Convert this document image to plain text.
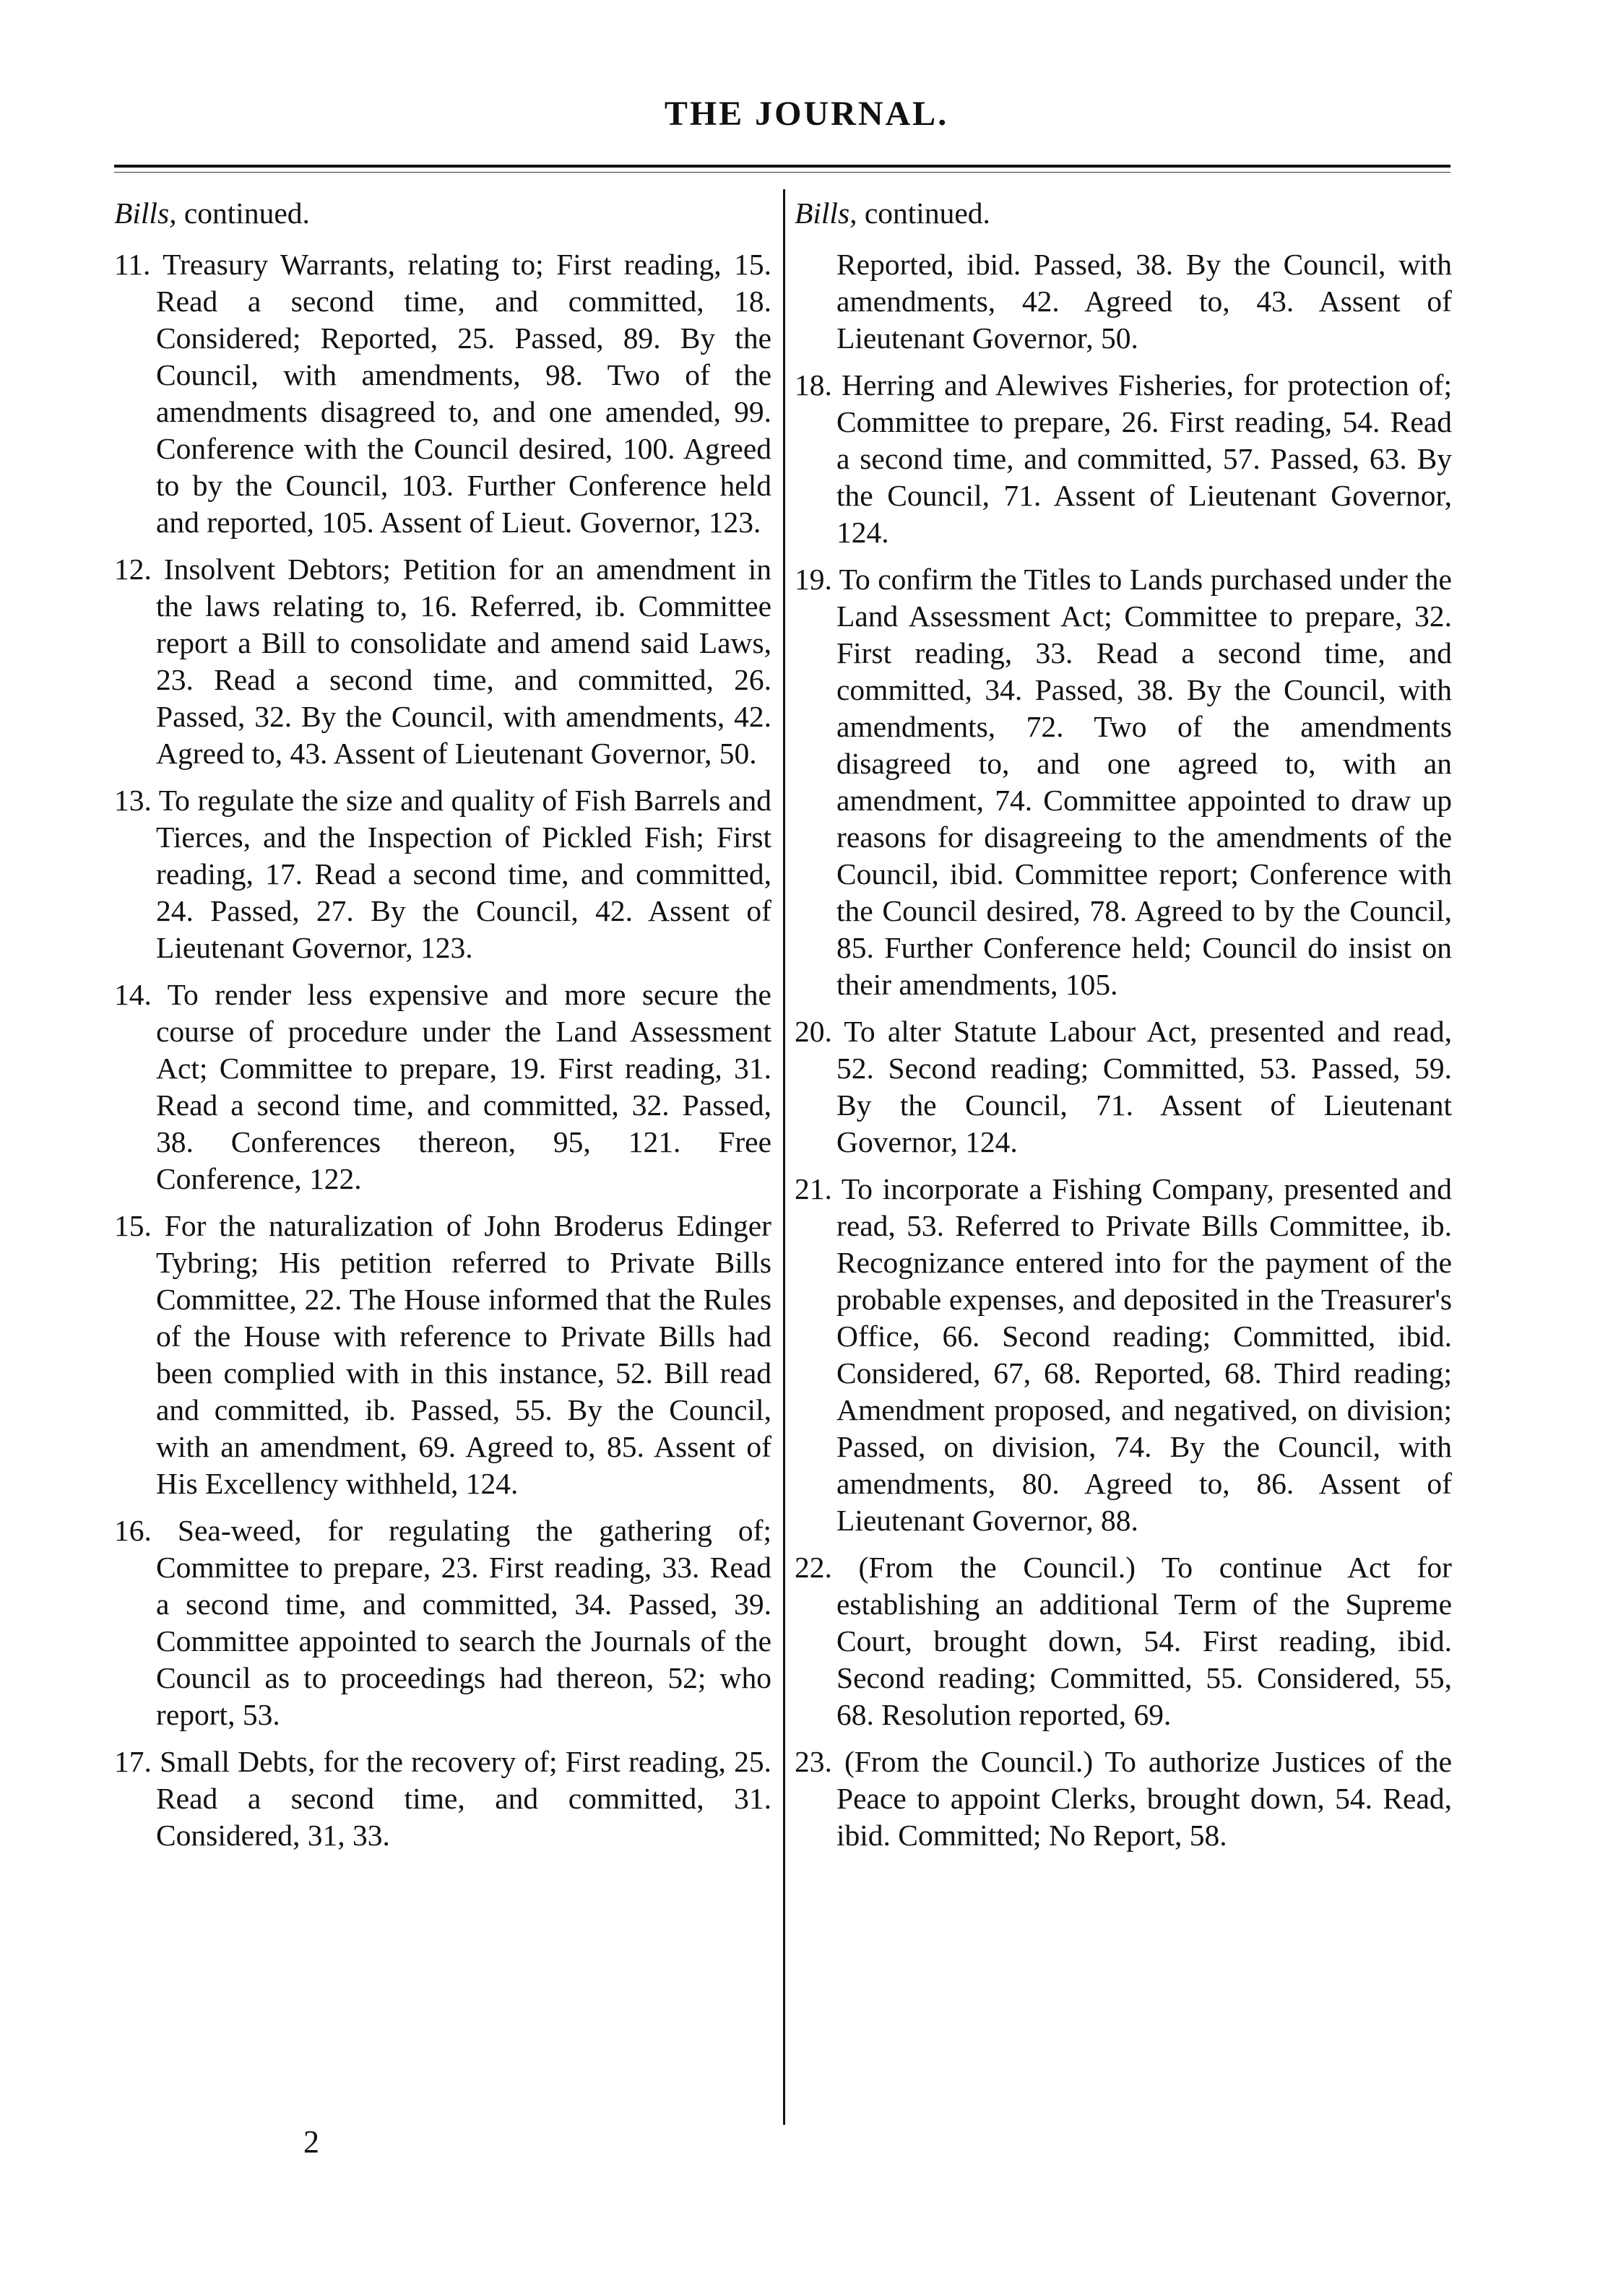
THE JOURNAL.

Bills, continued.

11. Treasury Warrants, relating to; First reading, 15. Read a second time, and committed, 18. Considered; Reported, 25. Passed, 89. By the Council, with amendments, 98. Two of the amendments disagreed to, and one amended, 99. Conference with the Council desired, 100. Agreed to by the Council, 103. Further Conference held and reported, 105. Assent of Lieut. Governor, 123.

12. Insolvent Debtors; Petition for an amendment in the laws relating to, 16. Referred, ib. Committee report a Bill to consolidate and amend said Laws, 23. Read a second time, and committed, 26. Passed, 32. By the Council, with amendments, 42. Agreed to, 43. Assent of Lieutenant Governor, 50.

13. To regulate the size and quality of Fish Barrels and Tierces, and the Inspection of Pickled Fish; First reading, 17. Read a second time, and committed, 24. Passed, 27. By the Council, 42. Assent of Lieutenant Governor, 123.

14. To render less expensive and more secure the course of procedure under the Land Assessment Act; Committee to prepare, 19. First reading, 31. Read a second time, and committed, 32. Passed, 38. Conferences thereon, 95, 121. Free Conference, 122.

15. For the naturalization of John Broderus Edinger Tybring; His petition referred to Private Bills Committee, 22. The House informed that the Rules of the House with reference to Private Bills had been complied with in this instance, 52. Bill read and committed, ib. Passed, 55. By the Council, with an amendment, 69. Agreed to, 85. Assent of His Excellency withheld, 124.

16. Sea-weed, for regulating the gathering of; Committee to prepare, 23. First reading, 33. Read a second time, and committed, 34. Passed, 39. Committee appointed to search the Journals of the Council as to proceedings had thereon, 52; who report, 53.

17. Small Debts, for the recovery of; First reading, 25. Read a second time, and committed, 31. Considered, 31, 33.

Bills, continued.

Reported, ibid. Passed, 38. By the Council, with amendments, 42. Agreed to, 43. Assent of Lieutenant Governor, 50.

18. Herring and Alewives Fisheries, for protection of; Committee to prepare, 26. First reading, 54. Read a second time, and committed, 57. Passed, 63. By the Council, 71. Assent of Lieutenant Governor, 124.

19. To confirm the Titles to Lands purchased under the Land Assessment Act; Committee to prepare, 32. First reading, 33. Read a second time, and committed, 34. Passed, 38. By the Council, with amendments, 72. Two of the amendments disagreed to, and one agreed to, with an amendment, 74. Committee appointed to draw up reasons for disagreeing to the amendments of the Council, ibid. Committee report; Conference with the Council desired, 78. Agreed to by the Council, 85. Further Conference held; Council do insist on their amendments, 105.

20. To alter Statute Labour Act, presented and read, 52. Second reading; Committed, 53. Passed, 59. By the Council, 71. Assent of Lieutenant Governor, 124.

21. To incorporate a Fishing Company, presented and read, 53. Referred to Private Bills Committee, ib. Recognizance entered into for the payment of the probable expenses, and deposited in the Treasurer's Office, 66. Second reading; Committed, ibid. Considered, 67, 68. Reported, 68. Third reading; Amendment proposed, and negatived, on division; Passed, on division, 74. By the Council, with amendments, 80. Agreed to, 86. Assent of Lieutenant Governor, 88.

22. (From the Council.) To continue Act for establishing an additional Term of the Supreme Court, brought down, 54. First reading, ibid. Second reading; Committed, 55. Considered, 55, 68. Resolution reported, 69.

23. (From the Council.) To authorize Justices of the Peace to appoint Clerks, brought down, 54. Read, ibid. Committed; No Report, 58.

2
